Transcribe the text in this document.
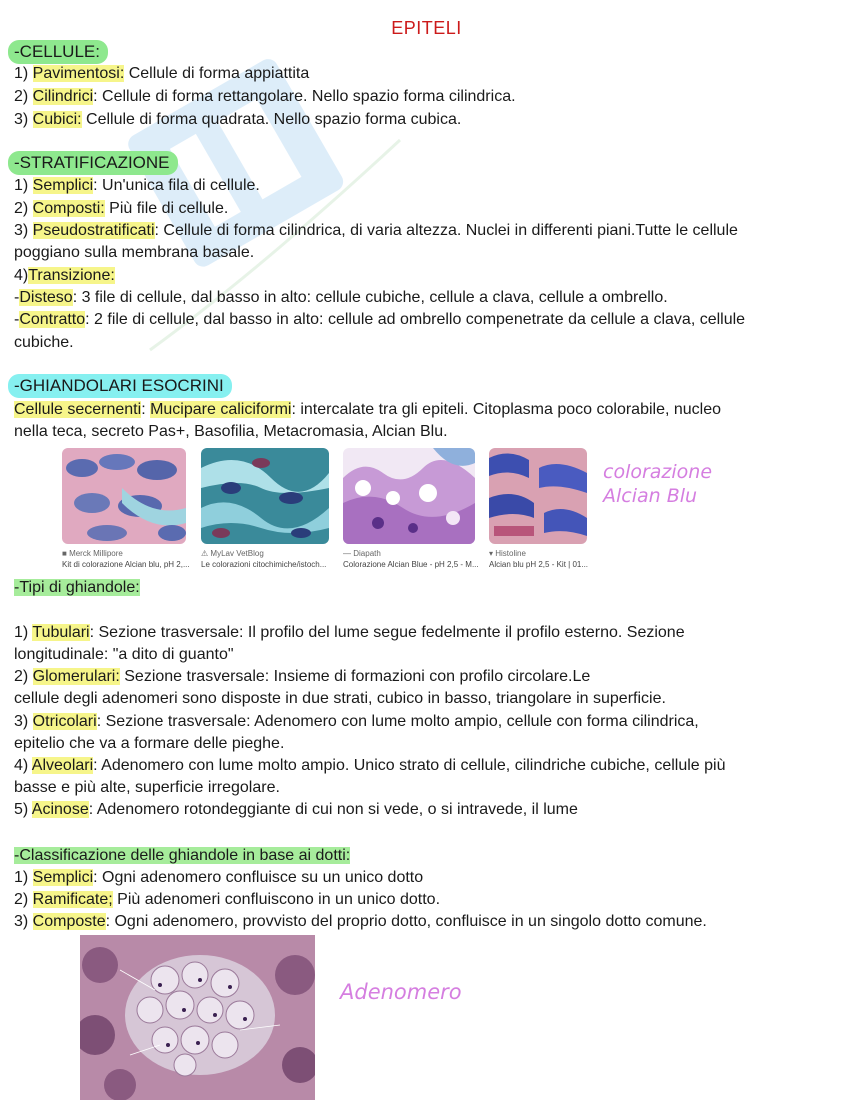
EPITELI
-CELLULE:
1) Pavimentosi: Cellule di forma appiattita
2) Cilindrici: Cellule di forma rettangolare. Nello spazio forma cilindrica.
3) Cubici: Cellule di forma quadrata. Nello spazio forma cubica.
-STRATIFICAZIONE
1) Semplici: Un'unica fila di cellule.
2) Composti: Più file di cellule.
3) Pseudostratificati: Cellule di forma cilindrica, di varia altezza. Nuclei in differenti piani.Tutte le cellule
poggiano sulla membrana basale.
4)Transizione:
-Disteso: 3 file di cellule, dal basso in alto: cellule cubiche, cellule a clava, cellule a ombrello.
-Contratto: 2 file di cellule, dal basso in alto: cellule ad ombrello compenetrate da cellule a clava, cellule
cubiche.
-GHIANDOLARI ESOCRINI
Cellule secernenti: Mucipare caliciformi: intercalate tra gli epiteli. Citoplasma poco colorabile, nucleo
nella teca, secreto Pas+, Basofilia, Metacromasia, Alcian Blu.
■ Merck Millipore
Kit di colorazione Alcian blu, pH 2,...
⚠ MyLav VetBlog
Le colorazioni citochimiche/istoch...
— Diapath
Colorazione Alcian Blue - pH 2,5 - M...
▾ Histoline
Alcian blu pH 2,5 - Kit | 01...
colorazione
Alcian Blu
-Tipi di ghiandole:
1) Tubulari: Sezione trasversale: Il profilo del lume segue fedelmente il profilo esterno. Sezione
longitudinale: "a dito di guanto"
2) Glomerulari: Sezione trasversale: Insieme di formazioni con profilo circolare.Le
cellule degli adenomeri sono disposte in due strati, cubico in basso, triangolare in superficie.
3) Otricolari: Sezione trasversale: Adenomero con lume molto ampio, cellule con forma cilindrica,
epitelio che va a formare delle pieghe.
4) Alveolari: Adenomero con lume molto ampio. Unico strato di cellule, cilindriche cubiche, cellule più
basse e più alte, superficie irregolare.
5) Acinose: Adenomero rotondeggiante di cui non si vede, o si intravede, il lume
-Classificazione delle ghiandole in base ai dotti:
1) Semplici: Ogni adenomero confluisce su un unico dotto
2) Ramificate; Più adenomeri confluiscono in un unico dotto.
3) Composte: Ogni adenomero, provvisto del proprio dotto, confluisce in un singolo dotto comune.
Adenomero
